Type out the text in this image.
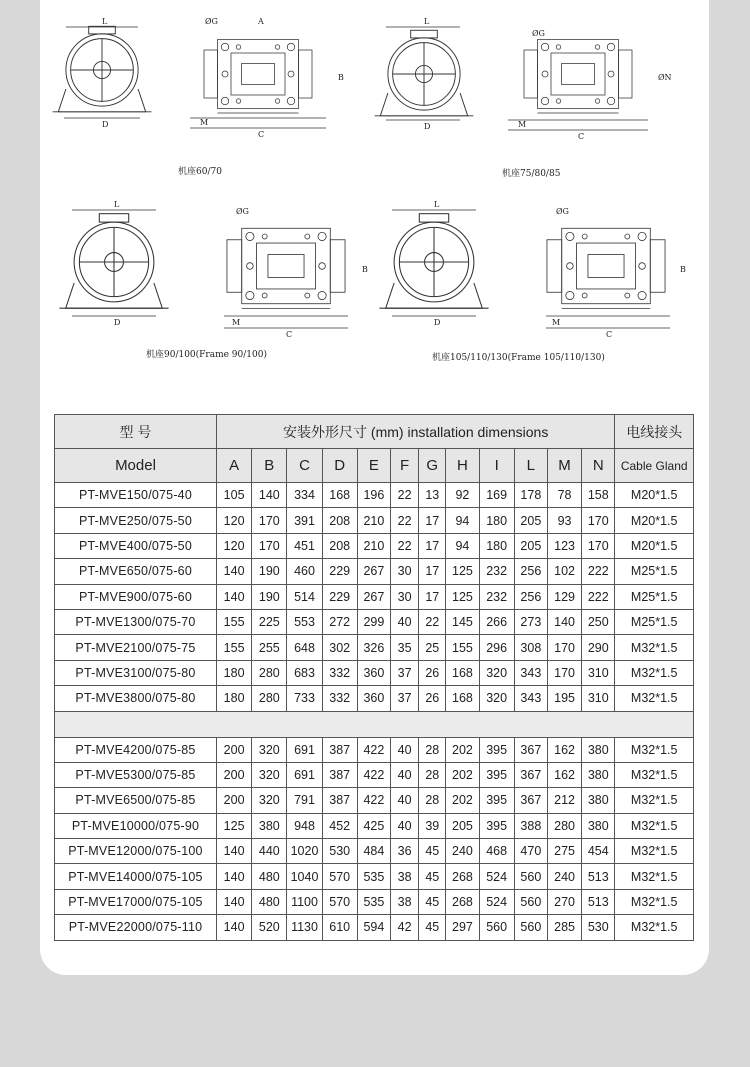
L
D
C
M
A
ØG
B
L
D
C
M
ØG
ØN
L
D
C
M
ØG
B
L
D
C
M
ØG
B
机座60/70	机座75/80/85
机座90/100(Frame 90/100)	机座105/110/130(Frame 105/110/130)
型 号	安装外形尺寸 (mm) installation dimensions												电线接头
Model	A	B	C	D	E	F	G	H	I	L	M	N	Cable Gland
PT-MVE150/075-40	105	140	334	168	196	22	13	92	169	178	78	158	M20*1.5
PT-MVE250/075-50	120	170	391	208	210	22	17	94	180	205	93	170	M20*1.5
PT-MVE400/075-50	120	170	451	208	210	22	17	94	180	205	123	170	M20*1.5
PT-MVE650/075-60	140	190	460	229	267	30	17	125	232	256	102	222	M25*1.5
PT-MVE900/075-60	140	190	514	229	267	30	17	125	232	256	129	222	M25*1.5
PT-MVE1300/075-70	155	225	553	272	299	40	22	145	266	273	140	250	M25*1.5
PT-MVE2100/075-75	155	255	648	302	326	35	25	155	296	308	170	290	M32*1.5
PT-MVE3100/075-80	180	280	683	332	360	37	26	168	320	343	170	310	M32*1.5
PT-MVE3800/075-80	180	280	733	332	360	37	26	168	320	343	195	310	M32*1.5

PT-MVE4200/075-85	200	320	691	387	422	40	28	202	395	367	162	380	M32*1.5
PT-MVE5300/075-85	200	320	691	387	422	40	28	202	395	367	162	380	M32*1.5
PT-MVE6500/075-85	200	320	791	387	422	40	28	202	395	367	212	380	M32*1.5
PT-MVE10000/075-90	125	380	948	452	425	40	39	205	395	388	280	380	M32*1.5
PT-MVE12000/075-100	140	440	1020	530	484	36	45	240	468	470	275	454	M32*1.5
PT-MVE14000/075-105	140	480	1040	570	535	38	45	268	524	560	240	513	M32*1.5
PT-MVE17000/075-105	140	480	1100	570	535	38	45	268	524	560	270	513	M32*1.5
PT-MVE22000/075-110	140	520	1130	610	594	42	45	297	560	560	285	530	M32*1.5
